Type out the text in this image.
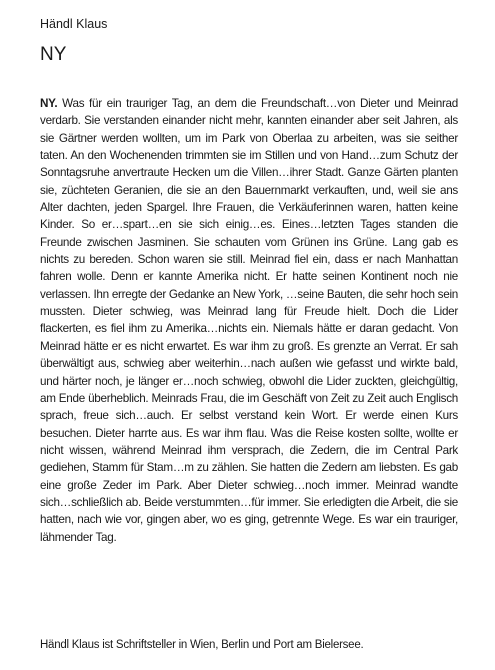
Händl Klaus
NY

NY. Was für ein trauriger Tag, an dem die Freundschaft…von Dieter und Meinrad verdarb. Sie verstanden einander nicht mehr, kannten einander aber seit Jahren, als sie Gärtner werden wollten, um im Park von Oberlaa zu arbeiten, was sie seither taten. An den Wochenenden trimmten sie im Stillen und von Hand…zum Schutz der Sonntagsruhe anvertraute Hecken um die Villen…ihrer Stadt. Ganze Gärten planten sie, züchteten Geranien, die sie an den Bauernmarkt verkauften, und, weil sie ans Alter dachten, jeden Spargel. Ihre Frauen, die Verkäuferinnen waren, hatten keine Kinder. So er…spart…en sie sich einig…es. Eines…letzten Tages standen die Freunde zwischen Jasminen. Sie schauten vom Grünen ins Grüne. Lang gab es nichts zu bereden. Schon waren sie still. Meinrad fiel ein, dass er nach Manhattan fahren wolle. Denn er kannte Amerika nicht. Er hatte seinen Kontinent noch nie verlassen. Ihn erregte der Gedanke an New York, …seine Bauten, die sehr hoch sein mussten. Dieter schwieg, was Meinrad lang für Freude hielt. Doch die Lider flackerten, es fiel ihm zu Amerika…nichts ein. Niemals hätte er daran gedacht. Von Meinrad hätte er es nicht erwartet. Es war ihm zu groß. Es grenzte an Verrat. Er sah überwältigt aus, schwieg aber weiterhin…nach außen wie gefasst und wirkte bald, und härter noch, je länger er…noch schwieg, obwohl die Lider zuckten, gleichgültig, am Ende überheblich. Meinrads Frau, die im Geschäft von Zeit zu Zeit auch Englisch sprach, freue sich…auch. Er selbst verstand kein Wort. Er werde einen Kurs besuchen. Dieter harrte aus. Es war ihm flau. Was die Reise kosten sollte, wollte er nicht wissen, während Meinrad ihm versprach, die Zedern, die im Central Park gediehen, Stamm für Stam…m zu zählen. Sie hatten die Zedern am liebsten. Es gab eine große Zeder im Park. Aber Dieter schwieg…noch immer. Meinrad wandte sich…schließlich ab. Beide verstummten…für immer. Sie erledigten die Arbeit, die sie hatten, nach wie vor, gingen aber, wo es ging, getrennte Wege. Es war ein trauriger, lähmender Tag.

Händl Klaus ist Schriftsteller in Wien, Berlin und Port am Bielersee.
